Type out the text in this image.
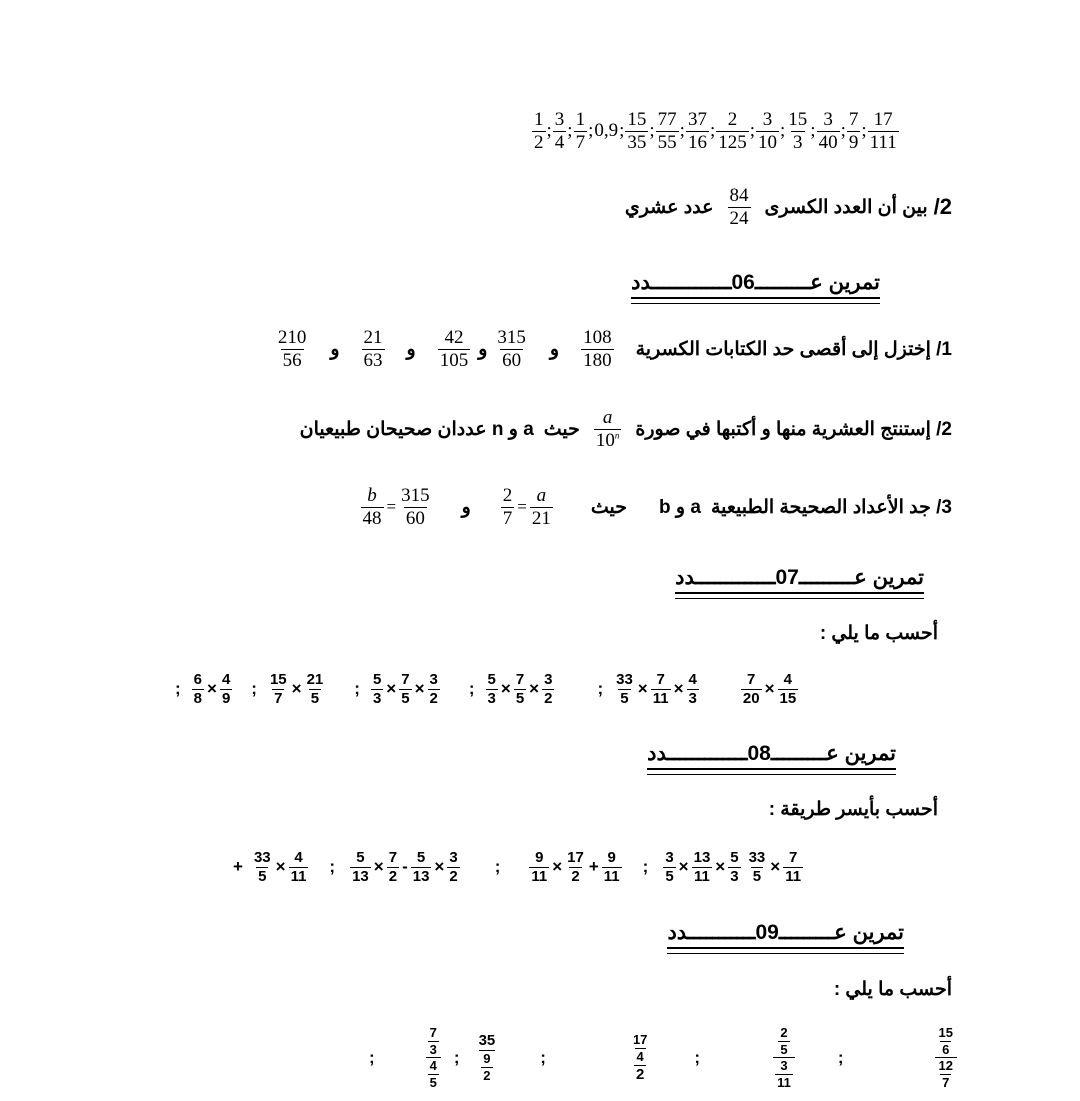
$\frac{1}{2}$ ; $\frac{3}{4}$ ; $\frac{1}{7}$ ; 0,9 ; $\frac{15}{35}$ ; $\frac{77}{55}$ ; $\frac{37}{16}$ ; $\frac{2}{125}$ ; $\frac{3}{10}$ ; $\frac{15}{3}$ ; $\frac{3}{40}$ ; $\frac{7}{9}$ ; $\frac{17}{111}$
2/
بين أن العدد الكسرى
$\frac{84}{24}$
عدد عشري
تمرين عـــــــــ06ـــــــــــــدد
1/ إختزل إلى أقصى حد الكتابات الكسرية
$\frac{108}{180}$
و
$\frac{315}{60}$
و
$\frac{42}{105}$
و
$\frac{21}{63}$
و
$\frac{210}{56}$
2/ إستنتج العشرية منها و أكتبها في صورة
$\frac{a}{10^n}$
حيث
a و n عددان صحيحان طبيعيان
3/ جد الأعداد الصحيحة الطبيعية
a و b
حيث
$\frac{2}{7} = \frac{a}{21}$
و
$\frac{b}{48} = \frac{315}{60}$
تمرين عـــــــــ07ـــــــــــــدد
أحسب ما يلي :
; $\frac{6}{8} \times \frac{4}{9}$ ; $\frac{15}{7} \times \frac{21}{5}$ ; $\frac{5}{3} \times \frac{7}{5} \times \frac{3}{2}$ ; $\frac{5}{3} \times \frac{7}{5} \times \frac{3}{2}$	; $\frac{33}{5} \times \frac{7}{11} \times \frac{4}{3}$	$\frac{7}{20} \times \frac{4}{15}$
تمرين عـــــــــ08ـــــــــــــدد
أحسب بأيسر طريقة :
+ $\frac{33}{5} \times \frac{4}{11}$ ; $\frac{5}{13} \times \frac{7}{2} - \frac{5}{13} \times \frac{3}{2}$ ; $\frac{9}{11} \times \frac{17}{2} + \frac{9}{11}$ ; $\frac{3}{5} \times \frac{13}{11} \times \frac{5}{3} \frac{33}{5} \times \frac{7}{11}$
تمرين عـــــــــ09ـــــــــــدد
أحسب ما يلي :
;	$\frac{\frac{7}{3}}{\frac{4}{5}}$ ; $\frac{35}{\frac{9}{2}}$	;	$\frac{\frac{17}{4}}{2}$	;	$\frac{\frac{2}{5}}{\frac{3}{11}}$	;	$\frac{\frac{15}{6}}{\frac{12}{7}}$
